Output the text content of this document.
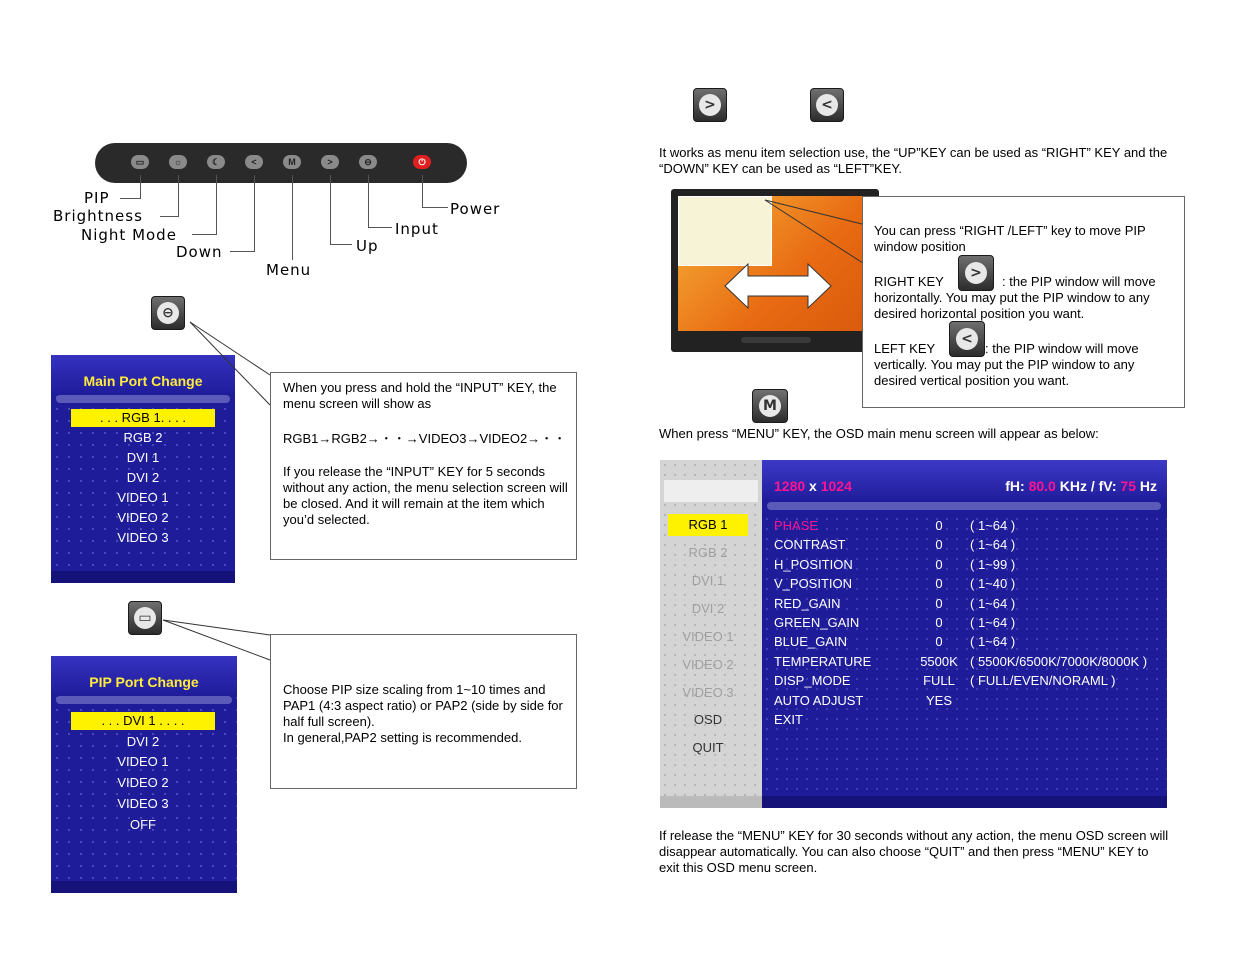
▭	☼	☾	<	M	>	⊖	⏻
PIP
Brightness
Night Mode
Down
Menu
Up
Input
Power
⊖
Main Port Change
. . . RGB 1. . . .
RGB 2
DVI 1
DVI 2
VIDEO 1
VIDEO 2
VIDEO 3
When you press and hold the “INPUT” KEY, the menu screen will show as
RGB1→RGB2→・・→VIDEO3→VIDEO2→・・
If you release the “INPUT” KEY for 5 seconds without any action, the menu selection screen will be closed. And it will remain at the item which you’d selected.
▭
PIP Port Change
. . . DVI 1 . . . .
DVI 2
VIDEO 1
VIDEO 2
VIDEO 3
OFF
Choose PIP size scaling from 1~10 times and PAP1 (4:3 aspect ratio) or PAP2 (side by side for half full screen).
In general,PAP2 setting is recommended.
>	<
It works as menu item selection use, the “UP”KEY can be used as “RIGHT” KEY and the “DOWN” KEY can be used as “LEFT”KEY.
You can press “RIGHT /LEFT” key to move PIP window position
RIGHT KEY
>
: the PIP window will move horizontally. You may put the PIP window to any desired horizontal position you want.
LEFT KEY
<
: the PIP window will move vertically. You may put the PIP window to any desired vertical position you want.
M
When press “MENU” KEY, the OSD main menu screen will appear as below:
RGB 1
RGB 2
DVI 1
DVI 2
VIDEO 1
VIDEO 2
VIDEO 3
OSD
QUIT
1280 x 1024	fH: 80.0 KHz / fV: 75 Hz
PHASE	0	( 1~64 )
CONTRAST	0	( 1~64 )
H_POSITION	0	( 1~99 )
V_POSITION	0	( 1~40 )
RED_GAIN	0	( 1~64 )
GREEN_GAIN	0	( 1~64 )
BLUE_GAIN	0	( 1~64 )
TEMPERATURE	5500K ( 5500K/6500K/7000K/8000K )
DISP_MODE	FULL	( FULL/EVEN/NORAML )
AUTO ADJUST	YES
EXIT
If release the “MENU” KEY for 30 seconds without any action, the menu OSD screen will disappear automatically. You can also choose “QUIT” and then press “MENU” KEY to exit this OSD menu screen.
